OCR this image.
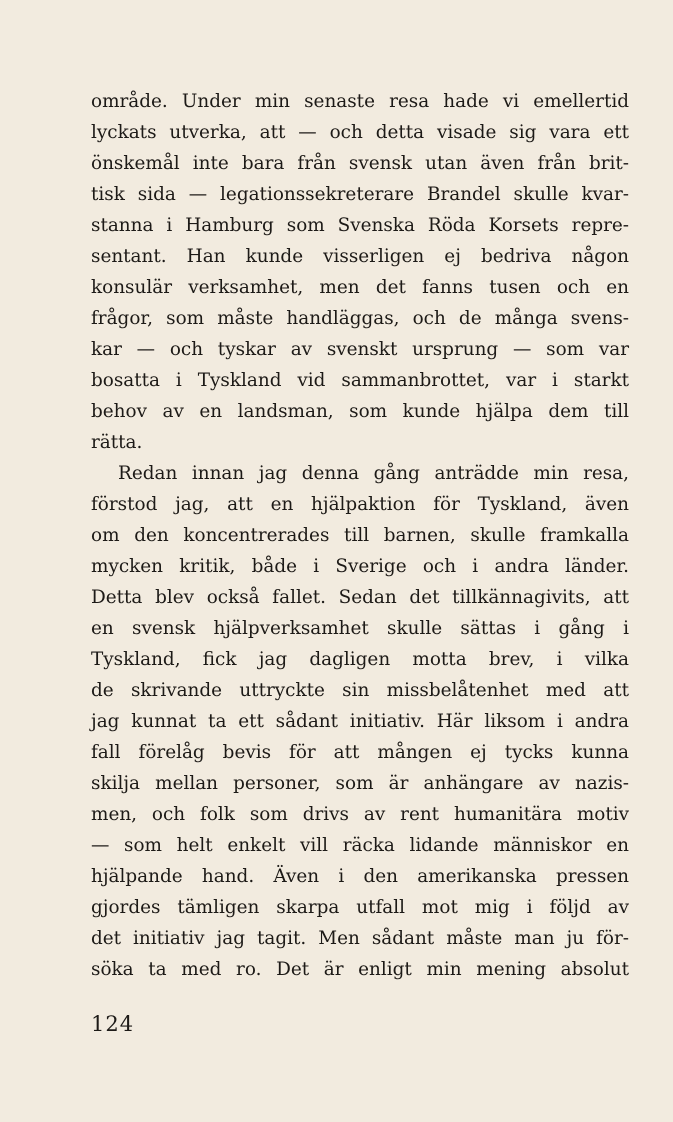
område. Under min senaste resa hade vi emellertid
lyckats utverka, att — och detta visade sig vara ett
önskemål inte bara från svensk utan även från brit-
tisk sida — legationssekreterare Brandel skulle kvar-
stanna i Hamburg som Svenska Röda Korsets repre-
sentant. Han kunde visserligen ej bedriva någon
konsulär verksamhet, men det fanns tusen och en
frågor, som måste handläggas, och de många svens-
kar — och tyskar av svenskt ursprung — som var
bosatta i Tyskland vid sammanbrottet, var i starkt
behov av en landsman, som kunde hjälpa dem till
rätta.
Redan innan jag denna gång anträdde min resa,
förstod jag, att en hjälpaktion för Tyskland, även
om den koncentrerades till barnen, skulle framkalla
mycken kritik, både i Sverige och i andra länder.
Detta blev också fallet. Sedan det tillkännagivits, att
en svensk hjälpverksamhet skulle sättas i gång i
Tyskland, fick jag dagligen motta brev, i vilka
de skrivande uttryckte sin missbelåtenhet med att
jag kunnat ta ett sådant initiativ. Här liksom i andra
fall förelåg bevis för att mången ej tycks kunna
skilja mellan personer, som är anhängare av nazis-
men, och folk som drivs av rent humanitära motiv
— som helt enkelt vill räcka lidande människor en
hjälpande hand. Även i den amerikanska pressen
gjordes tämligen skarpa utfall mot mig i följd av
det initiativ jag tagit. Men sådant måste man ju för-
söka ta med ro. Det är enligt min mening absolut
124
